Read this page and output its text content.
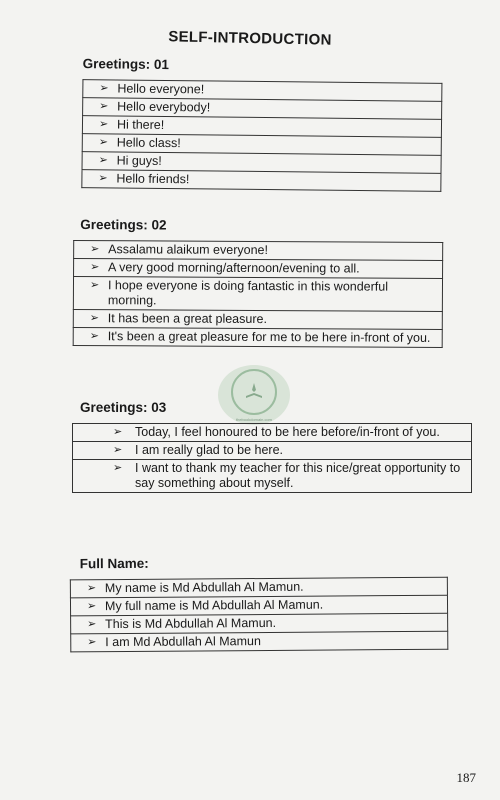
SELF-INTRODUCTION
Greetings: 01
➢ Hello everyone!

➢ Hello everybody!

➢ Hi there!

➢ Hello class!

➢ Hi guys!

➢ Hello friends!
Greetings: 02
➢ Assalamu alaikum everyone!

➢ A very good morning/afternoon/evening to all.

➢ I hope everyone is doing fantastic in this wonderful morning.

➢ It has been a great pleasure.

➢ It's been a great pleasure for me to be here in-front of you.
thebookdomain.com
Greetings: 03
➢ Today, I feel honoured to be here before/in-front of you.

➢ I am really glad to be here.

➢ I want to thank my teacher for this nice/great opportunity to say something about myself.
Full Name:
➢ My name is Md Abdullah Al Mamun.

➢ My full name is Md Abdullah Al Mamun.

➢ This is Md Abdullah Al Mamun.

➢ I am Md Abdullah Al Mamun
187
